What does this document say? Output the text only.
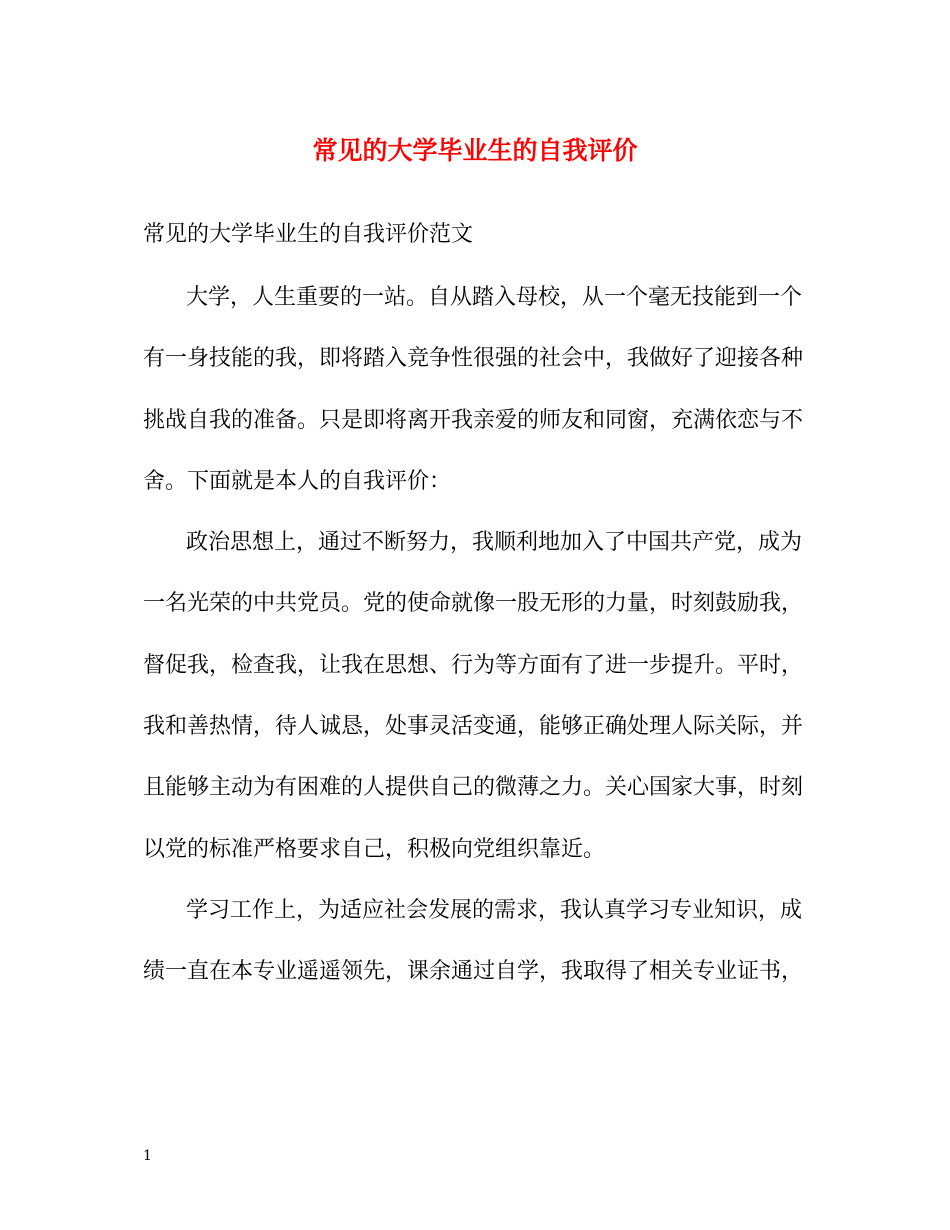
常见的大学毕业生的自我评价

常见的大学毕业生的自我评价范文

大学，人生重要的一站。自从踏入母校，从一个毫无技能到一个

有一身技能的我，即将踏入竞争性很强的社会中，我做好了迎接各种

挑战自我的准备。只是即将离开我亲爱的师友和同窗，充满依恋与不

舍。下面就是本人的自我评价：

政治思想上，通过不断努力，我顺利地加入了中国共产党，成为

一名光荣的中共党员。党的使命就像一股无形的力量，时刻鼓励我，

督促我，检查我，让我在思想、行为等方面有了进一步提升。平时，

我和善热情，待人诚恳，处事灵活变通，能够正确处理人际关际，并

且能够主动为有困难的人提供自己的微薄之力。关心国家大事，时刻

以党的标准严格要求自己，积极向党组织靠近。

学习工作上，为适应社会发展的需求，我认真学习专业知识，成

绩一直在本专业遥遥领先，课余通过自学，我取得了相关专业证书，

1
